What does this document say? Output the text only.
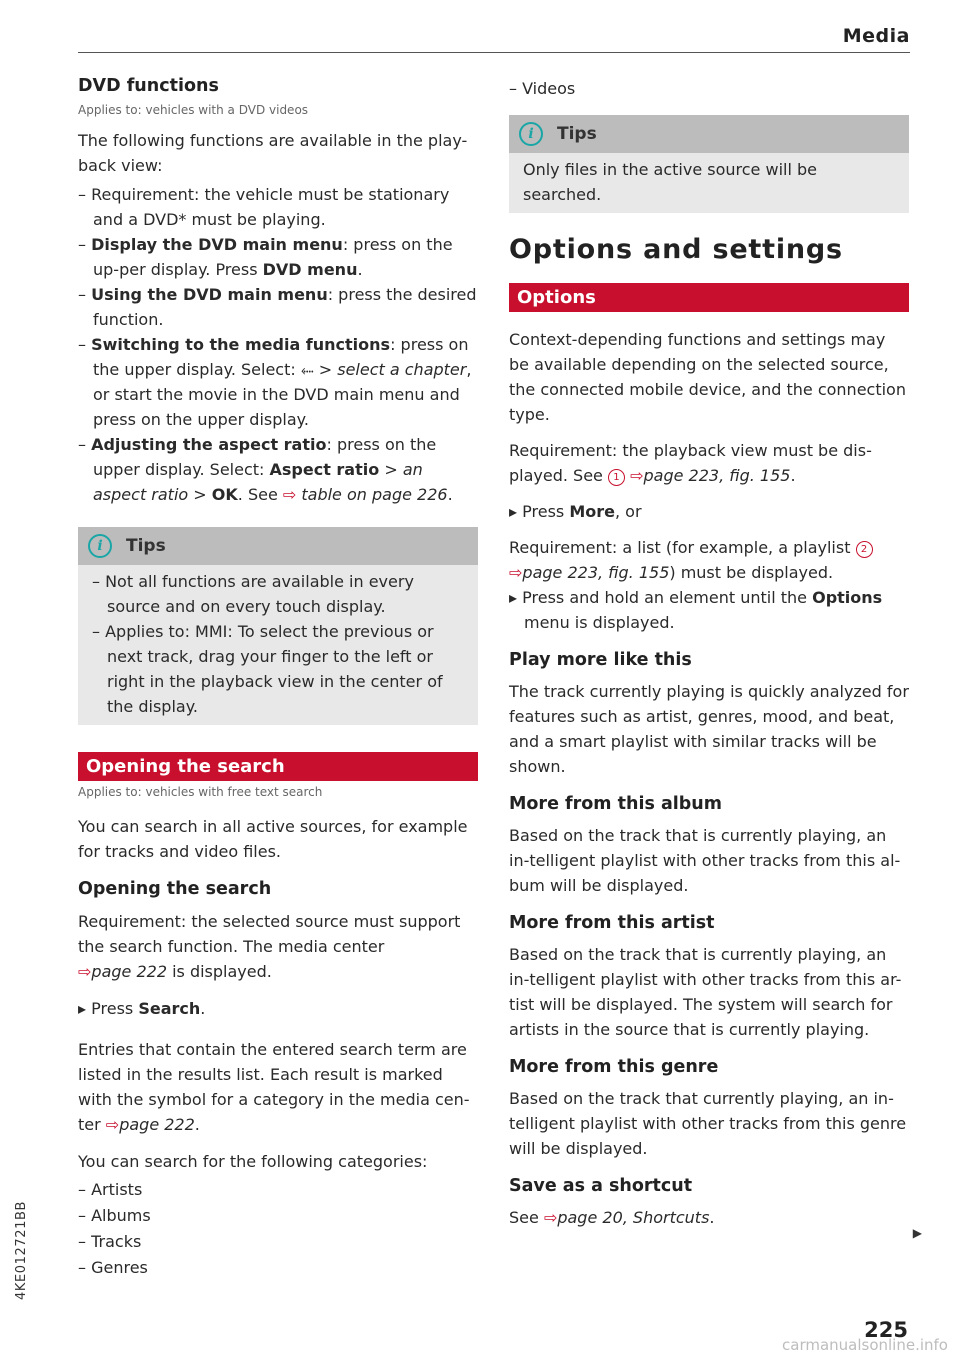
Media
DVD functions
Applies to: vehicles with a DVD videos

The following functions are available in the play-back view:

– Requirement: the vehicle must be stationary and a DVD* must be playing.
– Display the DVD main menu: press on the up-per display. Press DVD menu.
– Using the DVD main menu: press the desired function.
– Switching to the media functions: press on the upper display. Select: ⬸ > select a chapter, or start the movie in the DVD main menu and press on the upper display.
– Adjusting the aspect ratio: press on the upper display. Select: Aspect ratio > an aspect ratio > OK. See ⇨ table on page 226.
i	Tips
– Not all functions are available in every source and on every touch display.
– Applies to: MMI: To select the previous or next track, drag your finger to the left or right in the playback view in the center of the display.
Opening the search
Applies to: vehicles with free text search

You can search in all active sources, for example for tracks and video files.

Opening the search

Requirement: the selected source must support the search function. The media center
⇨page 222 is displayed.

▸ Press Search.

Entries that contain the entered search term are listed in the results list. Each result is marked with the symbol for a category in the media cen-ter ⇨page 222.

You can search for the following categories:

– Artists
– Albums
– Tracks
– Genres
– Videos
i	Tips

Only files in the active source will be searched.

Options and settings
Options

Context-depending functions and settings may be available depending on the selected source, the connected mobile device, and the connection type.

Requirement: the playback view must be dis-played. See 1 ⇨page 223, fig. 155.

▸ Press More, or

Requirement: a list (for example, a playlist 2
⇨page 223, fig. 155) must be displayed.

▸ Press and hold an element until the Options menu is displayed.

Play more like this

The track currently playing is quickly analyzed for features such as artist, genres, mood, and beat, and a smart playlist with similar tracks will be shown.

More from this album

Based on the track that is currently playing, an in-telligent playlist with other tracks from this al-bum will be displayed.

More from this artist

Based on the track that is currently playing, an in-telligent playlist with other tracks from this ar-tist will be displayed. The system will search for artists in the source that is currently playing.

More from this genre

Based on the track that currently playing, an in-telligent playlist with other tracks from this genre will be displayed.

Save as a shortcut

See ⇨page 20, Shortcuts.

▶
4KE012721BB
225
carmanualsonline.info
